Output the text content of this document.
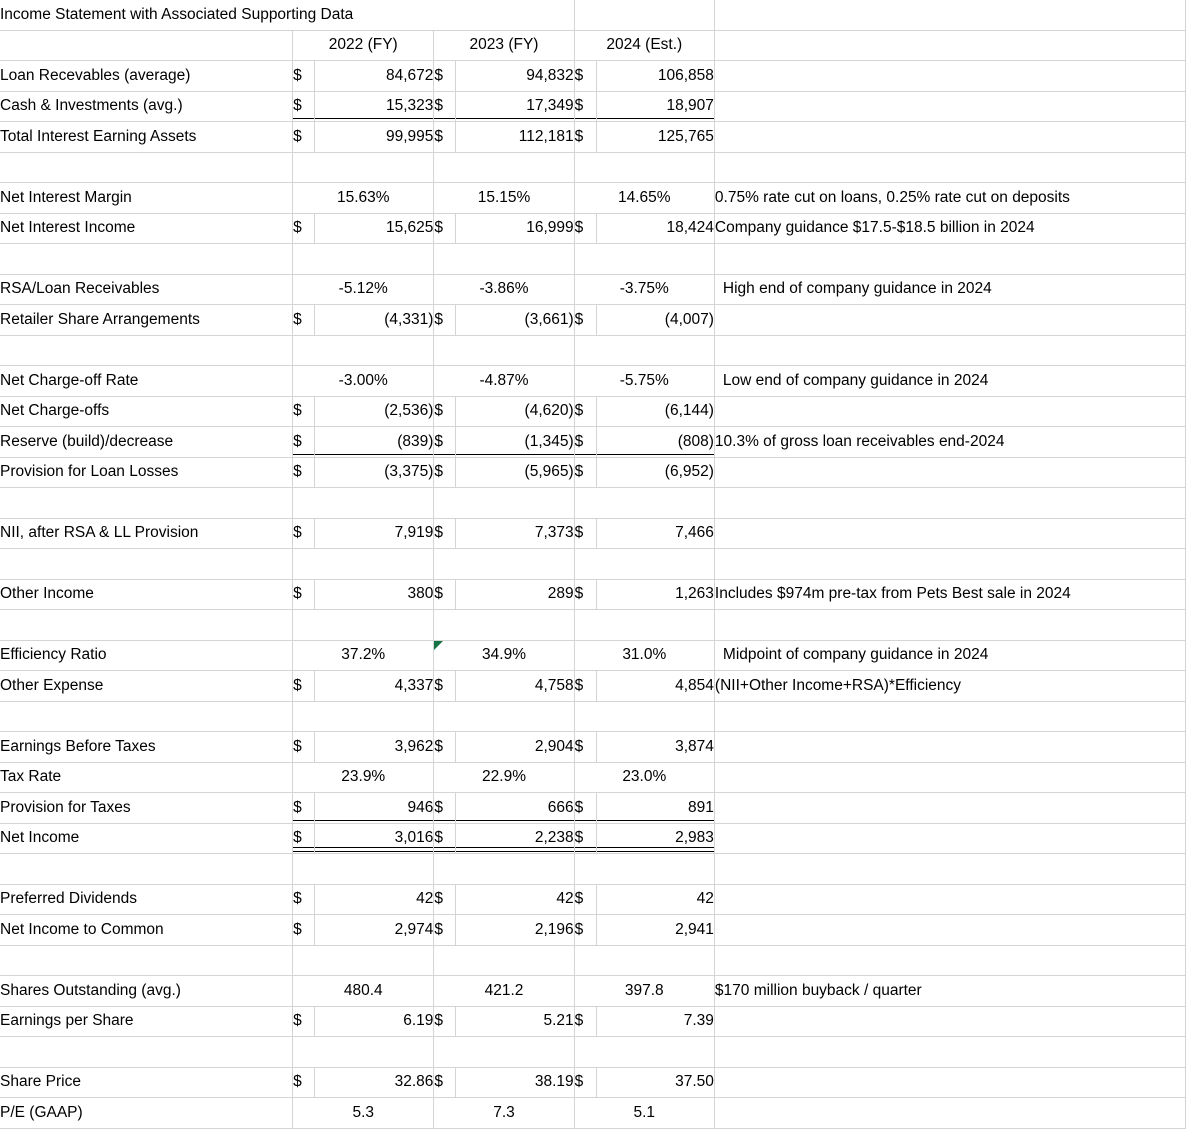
Income Statement with Associated Supporting Data							
	2022 (FY)		2023 (FY)		2024 (Est.)		
Loan Recevables (average)	$	84,672	$	94,832	$	106,858	
Cash & Investments (avg.)	$	15,323	$	17,349	$	18,907	
Total Interest Earning Assets	$	99,995	$	112,181	$	125,765	

Net Interest Margin	15.63%		15.15%		14.65%		0.75% rate cut on loans, 0.25% rate cut on deposits
Net Interest Income	$	15,625	$	16,999	$	18,424	Company guidance $17.5-$18.5 billion in 2024

RSA/Loan Receivables	-5.12%		-3.86%		-3.75%		High end of company guidance in 2024
Retailer Share Arrangements	$	(4,331)	$	(3,661)	$	(4,007)	

Net Charge-off Rate	-3.00%		-4.87%		-5.75%		Low end of company guidance in 2024
Net Charge-offs	$	(2,536)	$	(4,620)	$	(6,144)	
Reserve (build)/decrease	$	(839)	$	(1,345)	$	(808)	10.3% of gross loan receivables end-2024
Provision for Loan Losses	$	(3,375)	$	(5,965)	$	(6,952)	

NII, after RSA & LL Provision	$	7,919	$	7,373	$	7,466	

Other Income	$	380	$	289	$	1,263	Includes $974m pre-tax from Pets Best sale in 2024

Efficiency Ratio	37.2%		34.9%		31.0%		Midpoint of company guidance in 2024
Other Expense	$	4,337	$	4,758	$	4,854	(NII+Other Income+RSA)*Efficiency

Earnings Before Taxes	$	3,962	$	2,904	$	3,874	
Tax Rate	23.9%		22.9%		23.0%		
Provision for Taxes	$	946	$	666	$	891	
Net Income	$	3,016	$	2,238	$	2,983	

Preferred Dividends	$	42	$	42	$	42	
Net Income to Common	$	2,974	$	2,196	$	2,941	

Shares Outstanding (avg.)	480.4		421.2		397.8		$170 million buyback / quarter
Earnings per Share	$	6.19	$	5.21	$	7.39	

Share Price	$	32.86	$	38.19	$	37.50	
P/E (GAAP)	5.3		7.3		5.1		
